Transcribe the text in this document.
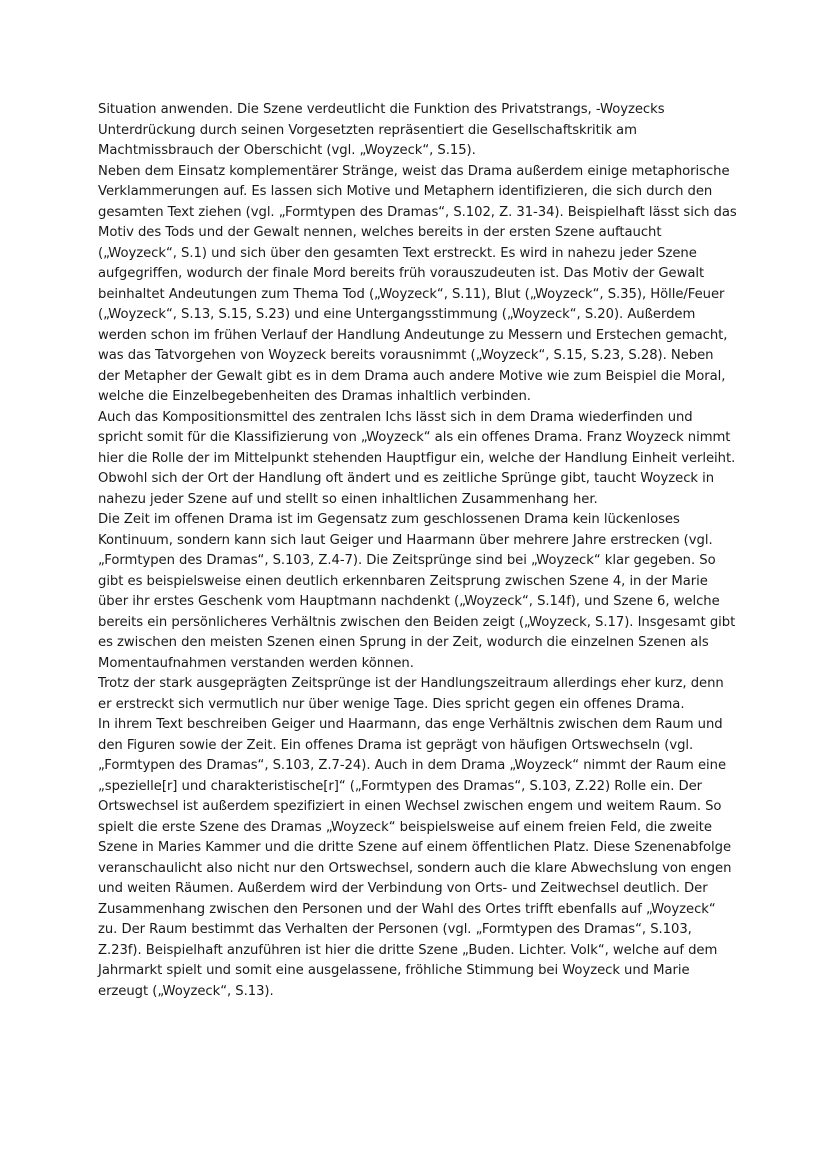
Situation anwenden. Die Szene verdeutlicht die Funktion des Privatstrangs, -Woyzecks Unterdrückung durch seinen Vorgesetzten repräsentiert die Gesellschaftskritik am Machtmissbrauch der Oberschicht (vgl. „Woyzeck“, S.15).

Neben dem Einsatz komplementärer Stränge, weist das Drama außerdem einige metaphorische Verklammerungen auf. Es lassen sich Motive und Metaphern identifizieren, die sich durch den gesamten Text ziehen (vgl. „Formtypen des Dramas“, S.102, Z. 31-34). Beispielhaft lässt sich das Motiv des Tods und der Gewalt nennen, welches bereits in der ersten Szene auftaucht („Woyzeck“, S.1) und sich über den gesamten Text erstreckt. Es wird in nahezu jeder Szene aufgegriffen, wodurch der finale Mord bereits früh vorauszudeuten ist. Das Motiv der Gewalt beinhaltet Andeutungen zum Thema Tod („Woyzeck“, S.11), Blut („Woyzeck“, S.35), Hölle/Feuer („Woyzeck“, S.13, S.15, S.23) und eine Untergangsstimmung („Woyzeck“, S.20). Außerdem werden schon im frühen Verlauf der Handlung Andeutunge zu Messern und Erstechen gemacht, was das Tatvorgehen von Woyzeck bereits vorausnimmt („Woyzeck“, S.15, S.23, S.28). Neben der Metapher der Gewalt gibt es in dem Drama auch andere Motive wie zum Beispiel die Moral, welche die Einzelbegebenheiten des Dramas inhaltlich verbinden.

Auch das Kompositionsmittel des zentralen Ichs lässt sich in dem Drama wiederfinden und spricht somit für die Klassifizierung von „Woyzeck“ als ein offenes Drama. Franz Woyzeck nimmt hier die Rolle der im Mittelpunkt stehenden Hauptfigur ein, welche der Handlung Einheit verleiht. Obwohl sich der Ort der Handlung oft ändert und es zeitliche Sprünge gibt, taucht Woyzeck in nahezu jeder Szene auf und stellt so einen inhaltlichen Zusammenhang her.

Die Zeit im offenen Drama ist im Gegensatz zum geschlossenen Drama kein lückenloses Kontinuum, sondern kann sich laut Geiger und Haarmann über mehrere Jahre erstrecken (vgl. „Formtypen des Dramas“, S.103, Z.4-7). Die Zeitsprünge sind bei „Woyzeck“ klar gegeben. So gibt es beispielsweise einen deutlich erkennbaren Zeitsprung zwischen Szene 4, in der Marie über ihr erstes Geschenk vom Hauptmann nachdenkt („Woyzeck“, S.14f), und Szene 6, welche bereits ein persönlicheres Verhältnis zwischen den Beiden zeigt („Woyzeck, S.17). Insgesamt gibt es zwischen den meisten Szenen einen Sprung in der Zeit, wodurch die einzelnen Szenen als Momentaufnahmen verstanden werden können.

Trotz der stark ausgeprägten Zeitsprünge ist der Handlungszeitraum allerdings eher kurz, denn er erstreckt sich vermutlich nur über wenige Tage. Dies spricht gegen ein offenes Drama.

In ihrem Text beschreiben Geiger und Haarmann, das enge Verhältnis zwischen dem Raum und den Figuren sowie der Zeit. Ein offenes Drama ist geprägt von häufigen Ortswechseln (vgl. „Formtypen des Dramas“, S.103, Z.7-24). Auch in dem Drama „Woyzeck“ nimmt der Raum eine „spezielle[r] und charakteristische[r]“ („Formtypen des Dramas“, S.103, Z.22) Rolle ein. Der Ortswechsel ist außerdem spezifiziert in einen Wechsel zwischen engem und weitem Raum. So spielt die erste Szene des Dramas „Woyzeck“ beispielsweise auf einem freien Feld, die zweite Szene in Maries Kammer und die dritte Szene auf einem öffentlichen Platz. Diese Szenenabfolge veranschaulicht also nicht nur den Ortswechsel, sondern auch die klare Abwechslung von engen und weiten Räumen. Außerdem wird der Verbindung von Orts- und Zeitwechsel deutlich. Der Zusammenhang zwischen den Personen und der Wahl des Ortes trifft ebenfalls auf „Woyzeck“ zu. Der Raum bestimmt das Verhalten der Personen (vgl. „Formtypen des Dramas“, S.103, Z.23f). Beispielhaft anzuführen ist hier die dritte Szene „Buden. Lichter. Volk“, welche auf dem Jahrmarkt spielt und somit eine ausgelassene, fröhliche Stimmung bei Woyzeck und Marie erzeugt („Woyzeck“, S.13).
